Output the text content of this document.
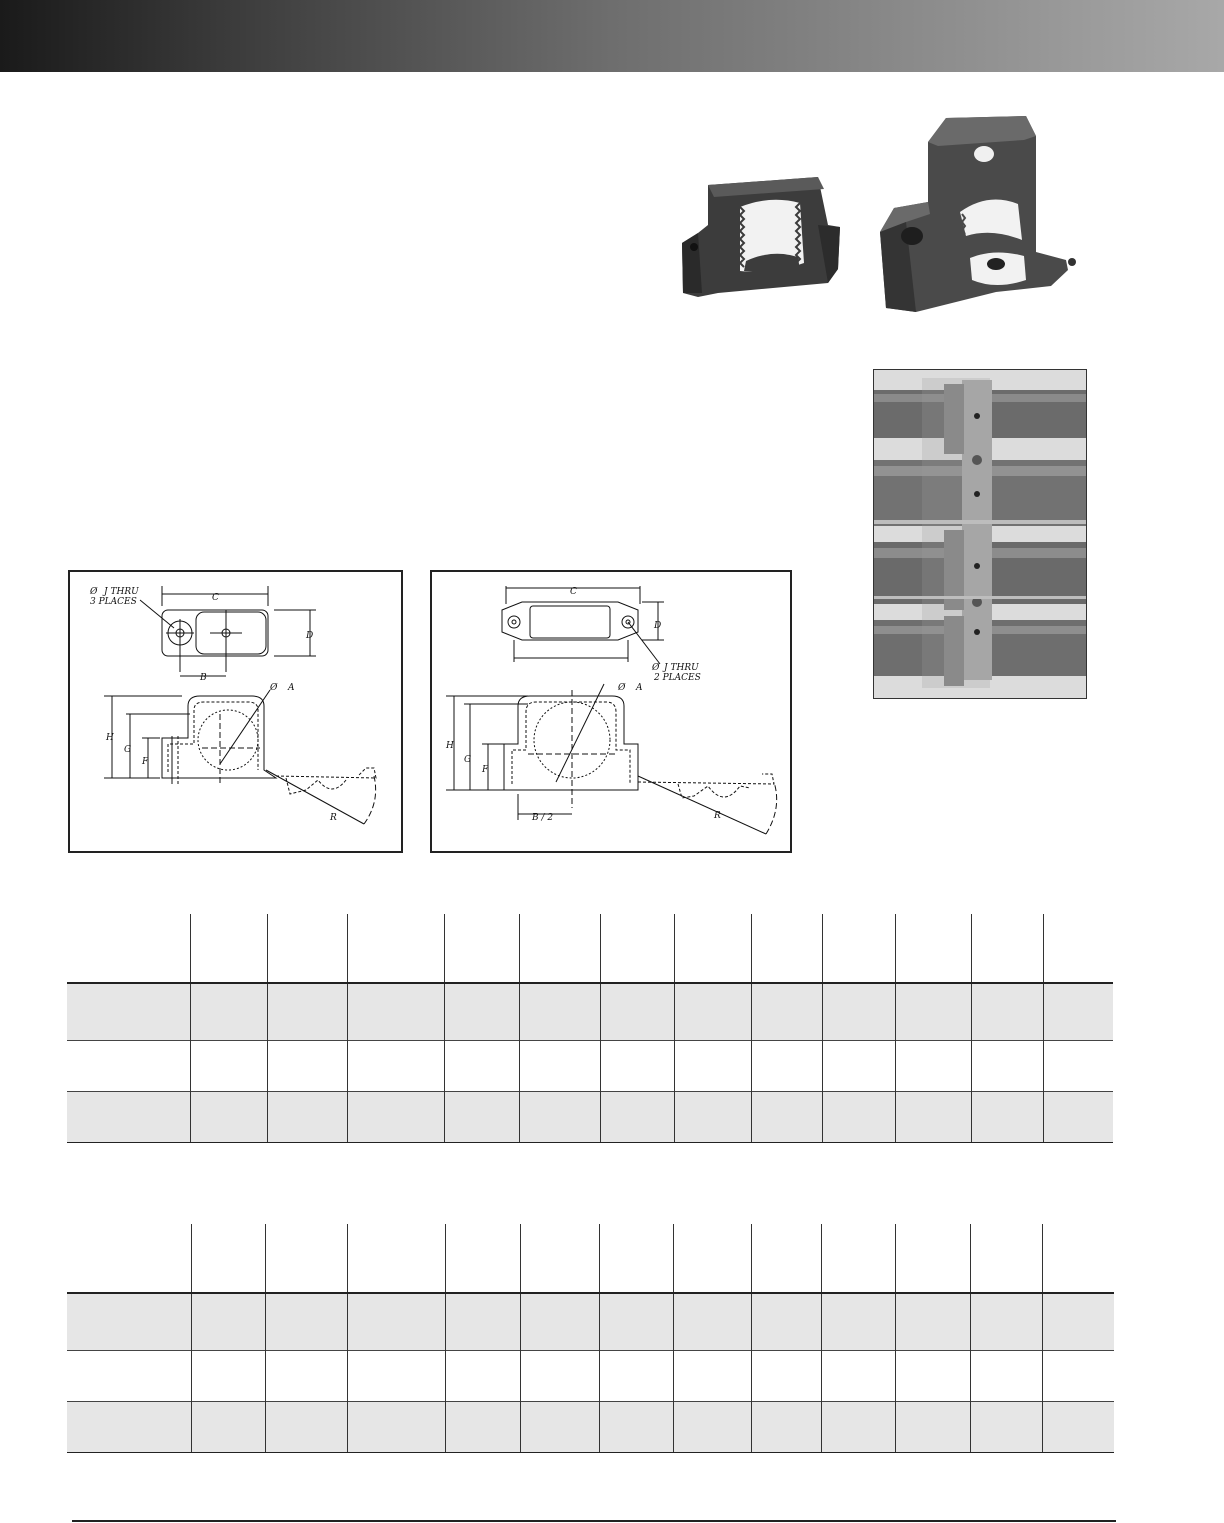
Ø J THRU
3 PLACES	C
D
B
Ø A
H
G
F
R
C
D
Ø J THRU
2 PLACES
Ø A
H
G
F
B / 2	R
